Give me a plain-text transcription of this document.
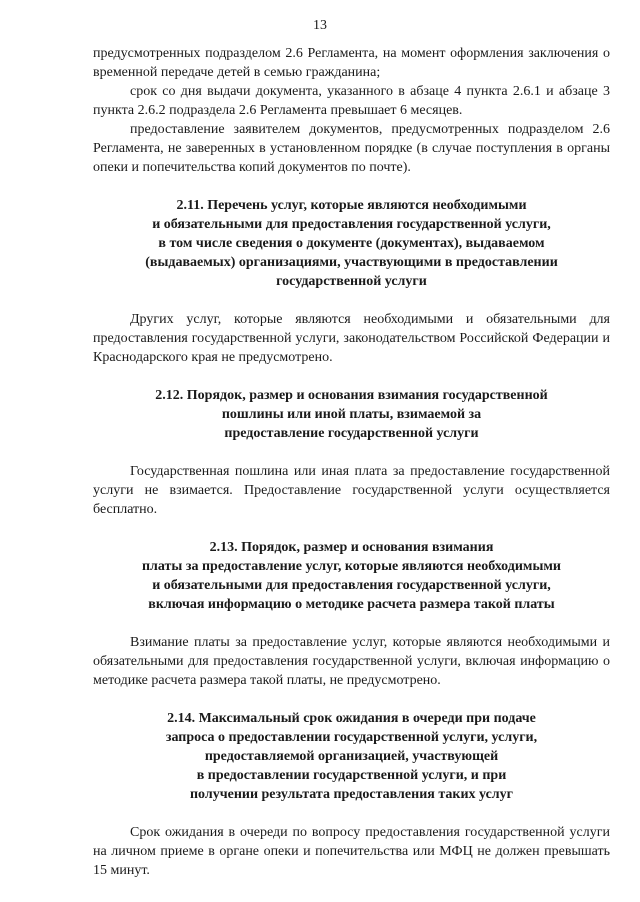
13

предусмотренных подразделом 2.6 Регламента, на момент оформления заключения о временной передаче детей в семью гражданина;

срок со дня выдачи документа, указанного в абзаце 4 пункта 2.6.1 и абзаце 3 пункта 2.6.2 подраздела 2.6 Регламента превышает 6 месяцев.

предоставление заявителем документов, предусмотренных подразделом 2.6 Регламента, не заверенных в установленном порядке (в случае поступления в органы опеки и попечительства копий документов по почте).

2.11. Перечень услуг, которые являются необходимыми
и обязательными для предоставления государственной услуги,
в том числе сведения о документе (документах), выдаваемом
(выдаваемых) организациями, участвующими в предоставлении
государственной услуги

Других услуг, которые являются необходимыми и обязательными для предоставления государственной услуги, законодательством Российской Федерации и Краснодарского края не предусмотрено.

2.12. Порядок, размер и основания взимания государственной
пошлины или иной платы, взимаемой за
предоставление государственной услуги

Государственная пошлина или иная плата за предоставление государственной услуги не взимается. Предоставление государственной услуги осуществляется бесплатно.

2.13. Порядок, размер и основания взимания
платы за предоставление услуг, которые являются необходимыми
и обязательными для предоставления государственной услуги,
включая информацию о методике расчета размера такой платы

Взимание платы за предоставление услуг, которые являются необходимыми и обязательными для предоставления государственной услуги, включая информацию о методике расчета размера такой платы, не предусмотрено.

2.14. Максимальный срок ожидания в очереди при подаче
запроса о предоставлении государственной услуги, услуги,
предоставляемой организацией, участвующей
в предоставлении государственной услуги, и при
получении результата предоставления таких услуг

Срок ожидания в очереди по вопросу предоставления государственной услуги на личном приеме в органе опеки и попечительства или МФЦ не должен превышать 15 минут.
